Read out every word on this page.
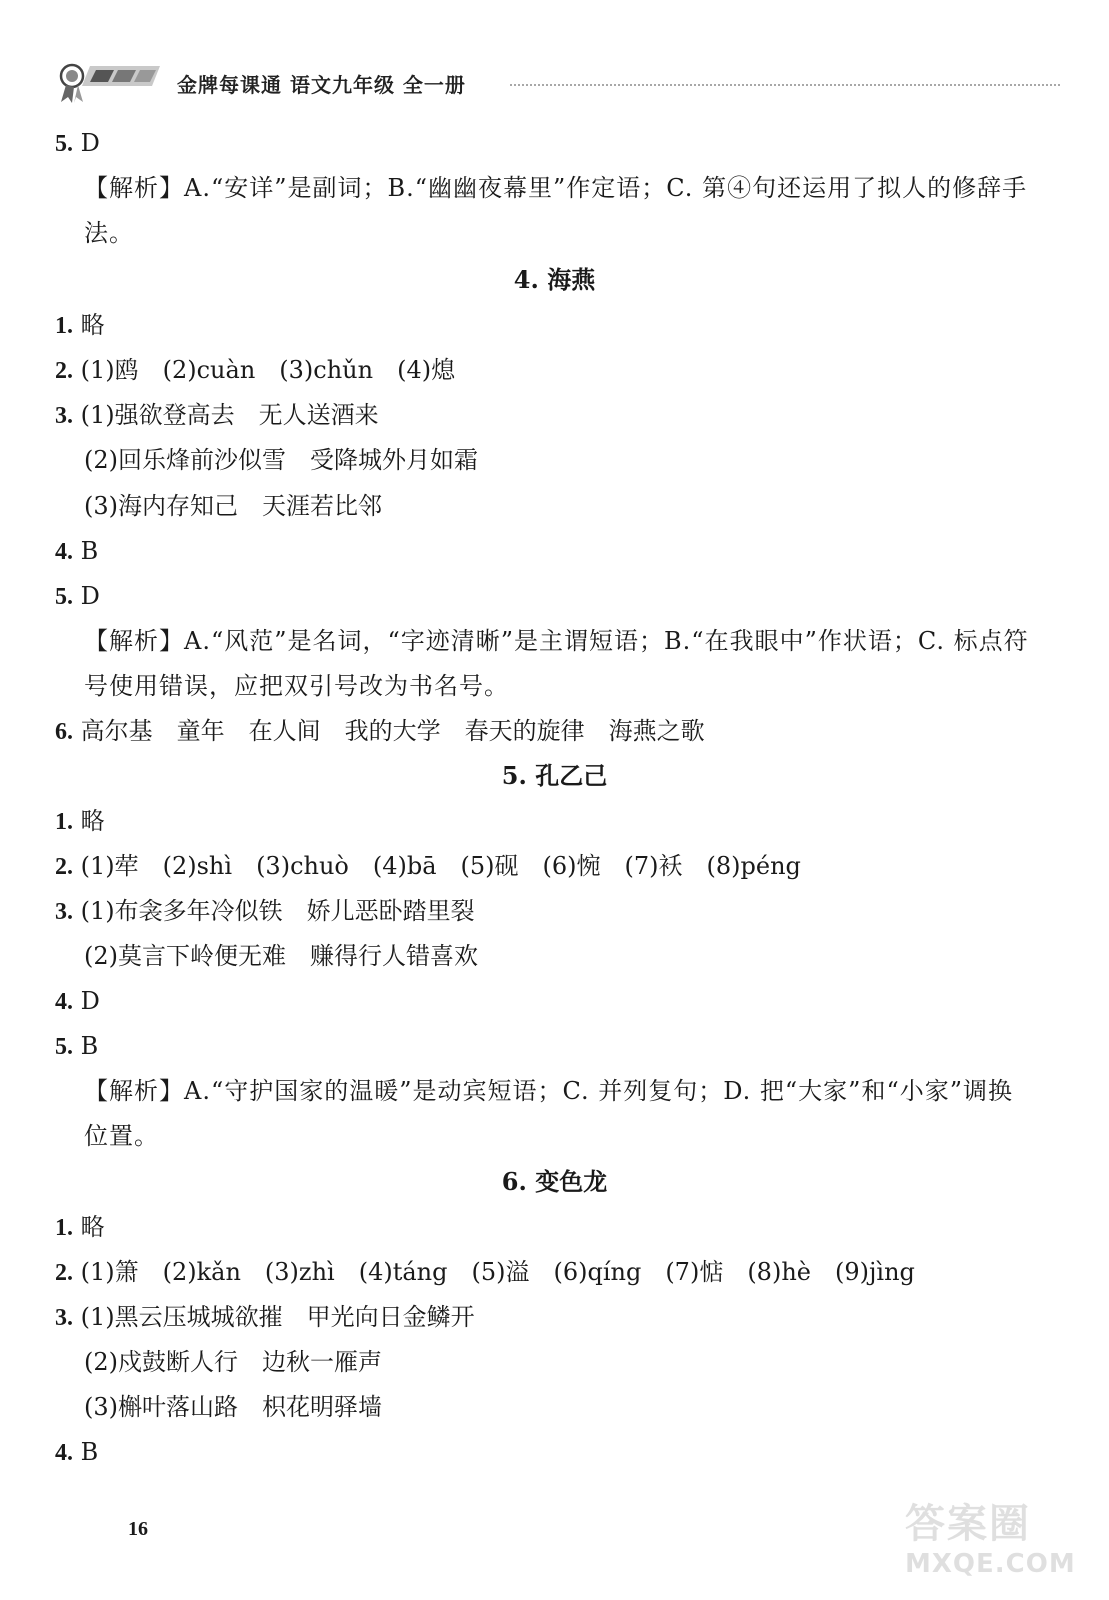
金牌每课通 语文九年级 全一册
5. D
【解析】A.“安详”是副词；B.“幽幽夜幕里”作定语；C. 第④句还运用了拟人的修辞手
法。
4. 海燕
1. 略
2. (1)鸥　(2)cuàn　(3)chǔn　(4)熄
3. (1)强欲登高去　无人送酒来
(2)回乐烽前沙似雪　受降城外月如霜
(3)海内存知己　天涯若比邻
4. B
5. D
【解析】A.“风范”是名词，“字迹清晰”是主谓短语；B.“在我眼中”作状语；C. 标点符
号使用错误，应把双引号改为书名号。
6. 高尔基　童年　在人间　我的大学　春天的旋律　海燕之歌
5. 孔乙己
1. 略
2. (1)荦　(2)shì　(3)chuò　(4)bā　(5)砚　(6)惋　(7)袄　(8)péng
3. (1)布衾多年冷似铁　娇儿恶卧踏里裂
(2)莫言下岭便无难　赚得行人错喜欢
4. D
5. B
【解析】A.“守护国家的温暖”是动宾短语；C. 并列复句；D. 把“大家”和“小家”调换
位置。
6. 变色龙
1. 略
2. (1)箫　(2)kǎn　(3)zhì　(4)táng　(5)溢　(6)qíng　(7)惦　(8)hè　(9)jìng
3. (1)黑云压城城欲摧　甲光向日金鳞开
(2)戍鼓断人行　边秋一雁声
(3)槲叶落山路　枳花明驿墙
4. B
16	答案圈
MXQE.COM
